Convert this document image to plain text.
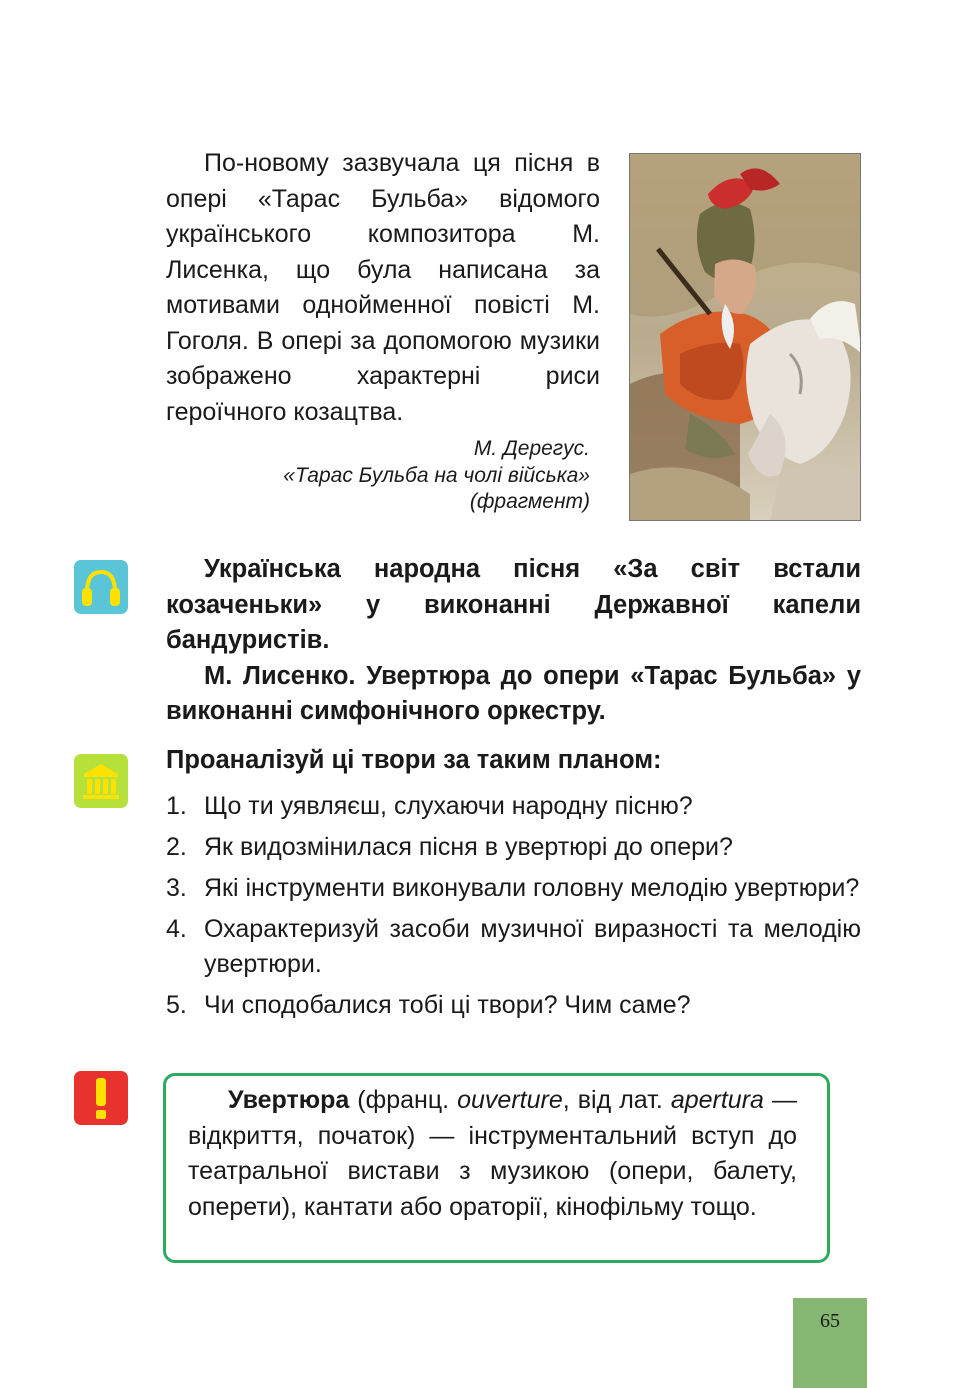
По-новому зазвучала ця пісня в опері «Тарас Бульба» відомого українського композитора М. Лисенка, що була написана за мотивами однойменної повісті М. Гоголя. В опері за допомогою музики зображено характерні риси героїчного козацтва.

М. Дерегус.
«Тарас Бульба на чолі війська»
(фрагмент)

Українська народна пісня «За світ встали козаченьки» у виконанні Державної капели бандуристів.

М. Лисенко. Увертюра до опери «Тарас Бульба» у виконанні симфонічного оркестру.

Проаналізуй ці твори за таким планом:
1. Що ти уявляєш, слухаючи народну пісню?
2. Як видозмінилася пісня в увертюрі до опери?
3. Які інструменти виконували головну мелодію увертюри?
4. Охарактеризуй засоби музичної виразності та мелодію увертюри.
5. Чи сподобалися тобі ці твори? Чим саме?

Увертюра (франц. ouverture, від лат. apertura — відкриття, початок) — інструментальний вступ до театральної вистави з музикою (опери, балету, оперети), кантати або ораторії, кінофільму тощо.

65
